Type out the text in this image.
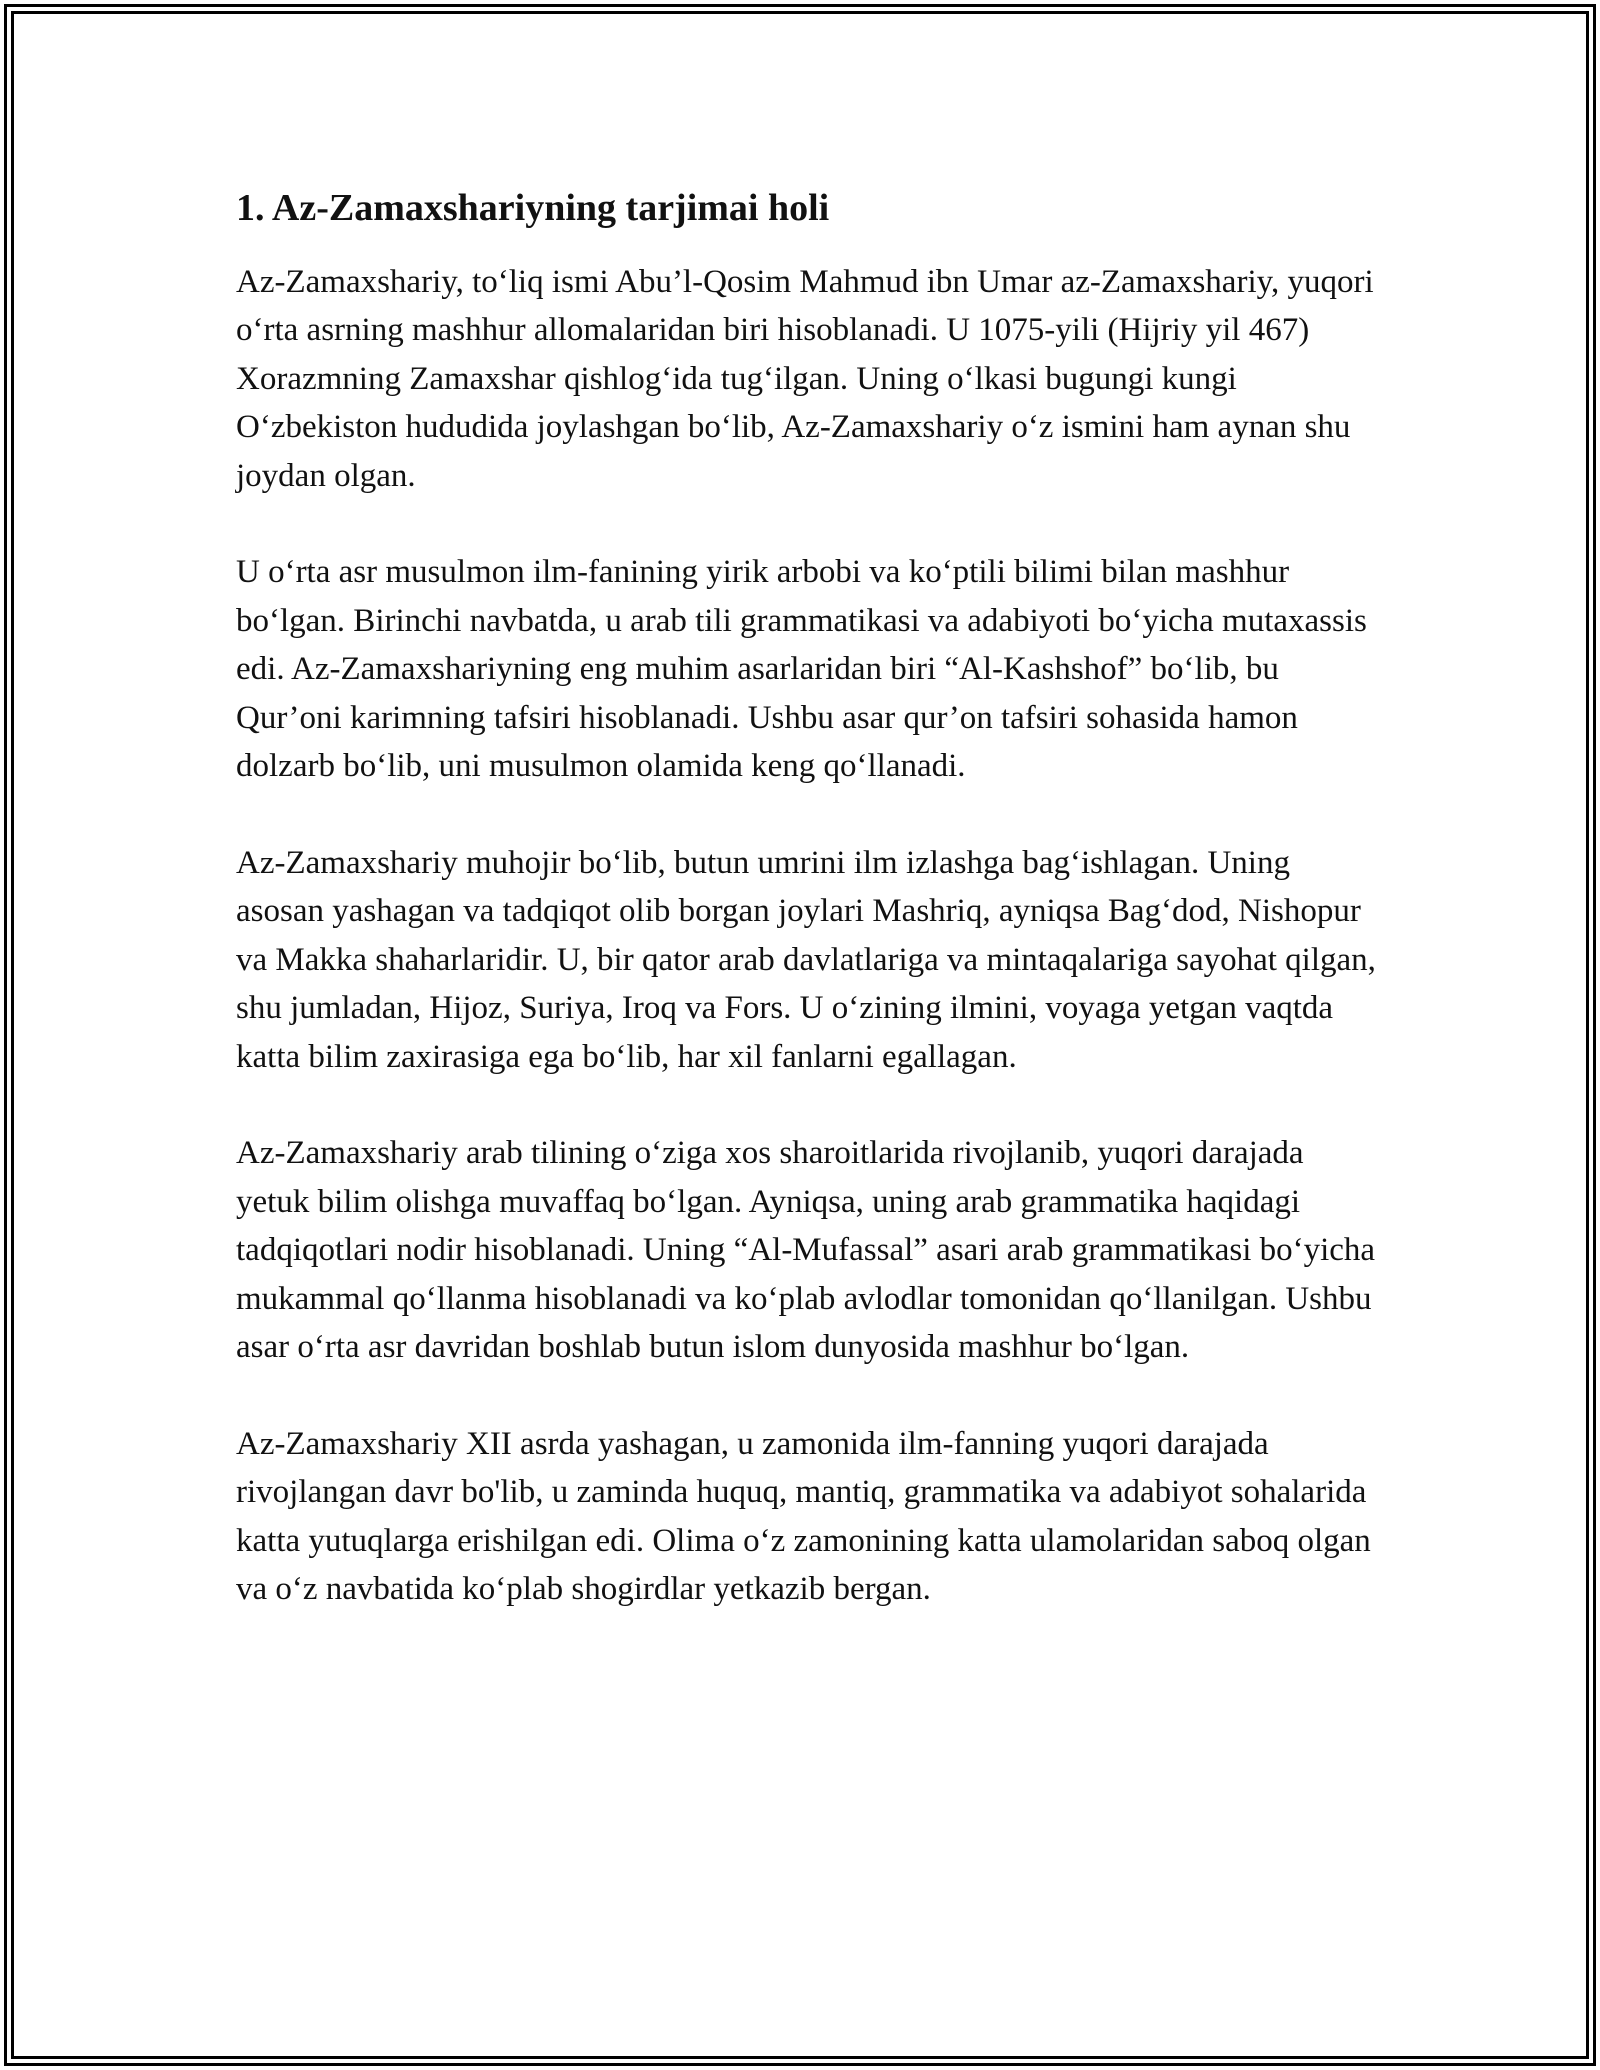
1. Az-Zamaxshariyning tarjimai holi

Az-Zamaxshariy, to‘liq ismi Abu’l-Qosim Mahmud ibn Umar az-Zamaxshariy, yuqori o‘rta asrning mashhur allomalaridan biri hisoblanadi. U 1075-yili (Hijriy yil 467) Xorazmning Zamaxshar qishlog‘ida tug‘ilgan. Uning o‘lkasi bugungi kungi O‘zbekiston hududida joylashgan bo‘lib, Az-Zamaxshariy o‘z ismini ham aynan shu joydan olgan.

U o‘rta asr musulmon ilm-fanining yirik arbobi va ko‘ptili bilimi bilan mashhur bo‘lgan. Birinchi navbatda, u arab tili grammatikasi va adabiyoti bo‘yicha mutaxassis edi. Az-Zamaxshariyning eng muhim asarlaridan biri “Al-Kashshof” bo‘lib, bu Qur’oni karimning tafsiri hisoblanadi. Ushbu asar qur’on tafsiri sohasida hamon dolzarb bo‘lib, uni musulmon olamida keng qo‘llanadi.

Az-Zamaxshariy muhojir bo‘lib, butun umrini ilm izlashga bag‘ishlagan. Uning asosan yashagan va tadqiqot olib borgan joylari Mashriq, ayniqsa Bag‘dod, Nishopur va Makka shaharlaridir. U, bir qator arab davlatlariga va mintaqalariga sayohat qilgan, shu jumladan, Hijoz, Suriya, Iroq va Fors. U o‘zining ilmini, voyaga yetgan vaqtda katta bilim zaxirasiga ega bo‘lib, har xil fanlarni egallagan.

Az-Zamaxshariy arab tilining o‘ziga xos sharoitlarida rivojlanib, yuqori darajada yetuk bilim olishga muvaffaq bo‘lgan. Ayniqsa, uning arab grammatika haqidagi tadqiqotlari nodir hisoblanadi. Uning “Al-Mufassal” asari arab grammatikasi bo‘yicha mukammal qo‘llanma hisoblanadi va ko‘plab avlodlar tomonidan qo‘llanilgan. Ushbu asar o‘rta asr davridan boshlab butun islom dunyosida mashhur bo‘lgan.

Az-Zamaxshariy XII asrda yashagan, u zamonida ilm-fanning yuqori darajada rivojlangan davr bo'lib, u zaminda huquq, mantiq, grammatika va adabiyot sohalarida katta yutuqlarga erishilgan edi. Olima o‘z zamonining katta ulamolaridan saboq olgan va o‘z navbatida ko‘plab shogirdlar yetkazib bergan.
